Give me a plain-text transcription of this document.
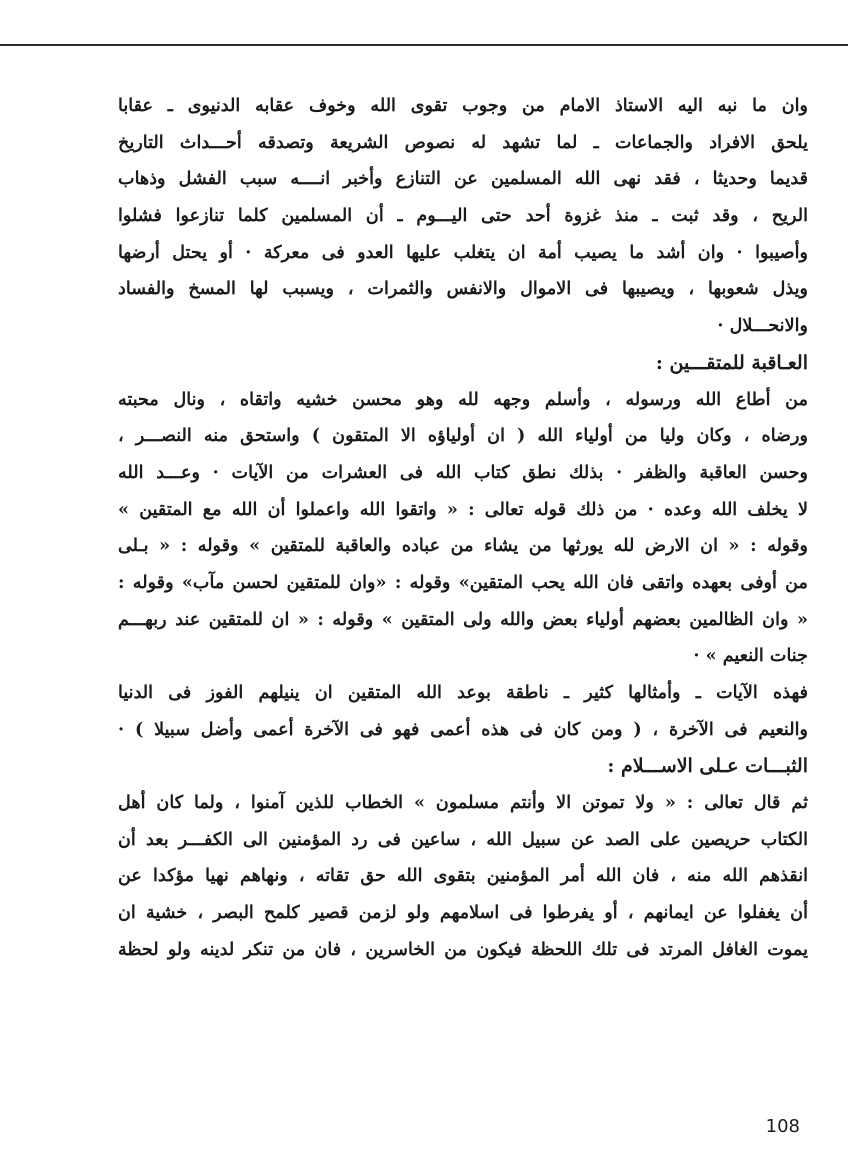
وان ما نبه اليه الاستاذ الامام من وجوب تقوى الله وخوف عقابه الدنيوى ـ عقابا
يلحق الافراد والجماعات ـ لما تشهد له نصوص الشريعة وتصدقه أحـــداث التاريخ
قديما وحديثا ، فقد نهى الله المسلمين عن التنازع وأخبر انــــه سبب الفشل وذهاب
الريح ، وقد ثبت ـ منذ غزوة أحد حتى اليـــوم ـ أن المسلمين كلما تنازعوا فشلوا
وأصيبوا · وان أشد ما يصيب أمة ان يتغلب عليها العدو فى معركة · أو يحتل أرضها
ويذل شعوبها ، ويصيبها فى الاموال والانفس والثمرات ، ويسبب لها المسخ والفساد
والانحـــلال ·
العـاقبة للمتقـــين :
من أطاع الله ورسوله ، وأسلم وجهه لله وهو محسن خشيه واتقاه ، ونال محبته
ورضاه ، وكان وليا من أولياء الله ( ان أولياؤه الا المتقون ) واستحق منه النصـــر ،
وحسن العاقبة والظفر · بذلك نطق كتاب الله فى العشرات من الآيات · وعـــد الله
لا يخلف الله وعده · من ذلك قوله تعالى : « واتقوا الله واعملوا أن الله مع المتقين »
وقوله : « ان الارض لله يورثها من يشاء من عباده والعاقبة للمتقين » وقوله : « بـلى
من أوفى بعهده واتقى فان الله يحب المتقين» وقوله : «وان للمتقين لحسن مآب» وقوله :
« وان الظالمين بعضهم أولياء بعض والله ولى المتقين » وقوله : « ان للمتقين عند ربهـــم
جنات النعيم » ·
فهذه الآيات ـ وأمثالها كثير ـ ناطقة بوعد الله المتقين ان ينيلهم الفوز فى الدنيا
والنعيم فى الآخرة ، ( ومن كان فى هذه أعمى فهو فى الآخرة أعمى وأضل سبيلا ) ·
الثبـــات عـلى الاســـلام :
ثم قال تعالى : « ولا تموتن الا وأنتم مسلمون » الخطاب للذين آمنوا ، ولما كان أهل
الكتاب حريصين على الصد عن سبيل الله ، ساعين فى رد المؤمنين الى الكفـــر بعد أن
انقذهم الله منه ، فان الله أمر المؤمنين بتقوى الله حق تقاته ، ونهاهم نهيا مؤكدا عن
أن يغفلوا عن ايمانهم ، أو يفرطوا فى اسلامهم ولو لزمن قصير كلمح البصر ، خشية ان
يموت الغافل المرتد فى تلك اللحظة فيكون من الخاسرين ، فان من تنكر لدينه ولو لحظة
108
